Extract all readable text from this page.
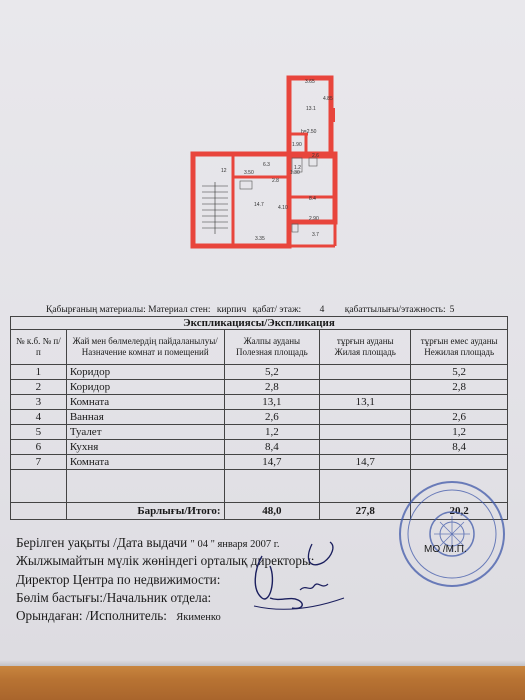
3.65
13.1
4.85
h=2.50
2.6
1.2
1.90
1.30
3.50
6.3
12
2.8
14.7
8.4
4.10
2.90
3.35
3.7
Қабырғаның материалы: Материал стен: кирпич қабат/ этаж: 4 қабаттылығы/этажность: 5
Экспликациясы/Экспликация				
№ к.б. № п/п	Жай мен бөлмелердің пайдаланылуы/ Назначение комнат и помещений	Жалпы ауданы Полезная площадь	тұрғын ауданы Жилая площадь	тұрғын емес ауданы Нежилая площадь
1	Коридор	5,2		5,2
2	Коридор	2,8		2,8
3	Комната	13,1	13,1	
4	Ванная	2,6		2,6
5	Туалет	1,2		1,2
6	Кухня	8,4		8,4
7	Комната	14,7	14,7	

	Барлығы/Итого:	48,0	27,8	20,2
Берілген уақыты /Дата выдачи " 04 " января 2007 г.
Жылжымайтын мүлік жөніндегі орталық директоры:
Директор Центра по недвижимости:
Бөлім бастығы:/Начальник отдела:
Орындаған: /Исполнитель: Якименко
МО /М.П.
